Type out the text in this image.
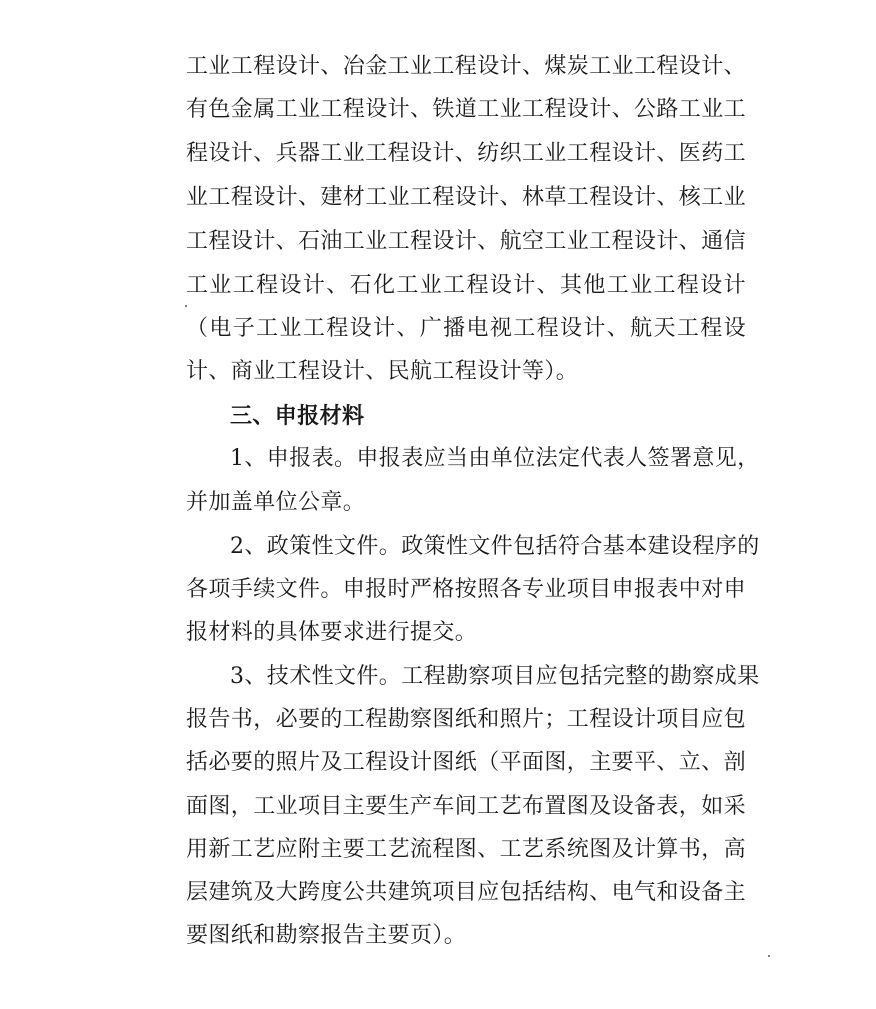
工业工程设计、冶金工业工程设计、煤炭工业工程设计、
有色金属工业工程设计、铁道工业工程设计、公路工业工
程设计、兵器工业工程设计、纺织工业工程设计、医药工
业工程设计、建材工业工程设计、林草工程设计、核工业
工程设计、石油工业工程设计、航空工业工程设计、通信
工业工程设计、石化工业工程设计、其他工业工程设计
（电子工业工程设计、广播电视工程设计、航天工程设
计、商业工程设计、民航工程设计等）。
三、申报材料
1、申报表。申报表应当由单位法定代表人签署意见，
并加盖单位公章。
2、政策性文件。政策性文件包括符合基本建设程序的
各项手续文件。申报时严格按照各专业项目申报表中对申
报材料的具体要求进行提交。
3、技术性文件。工程勘察项目应包括完整的勘察成果
报告书，必要的工程勘察图纸和照片；工程设计项目应包
括必要的照片及工程设计图纸（平面图，主要平、立、剖
面图，工业项目主要生产车间工艺布置图及设备表，如采
用新工艺应附主要工艺流程图、工艺系统图及计算书，高
层建筑及大跨度公共建筑项目应包括结构、电气和设备主
要图纸和勘察报告主要页）。
